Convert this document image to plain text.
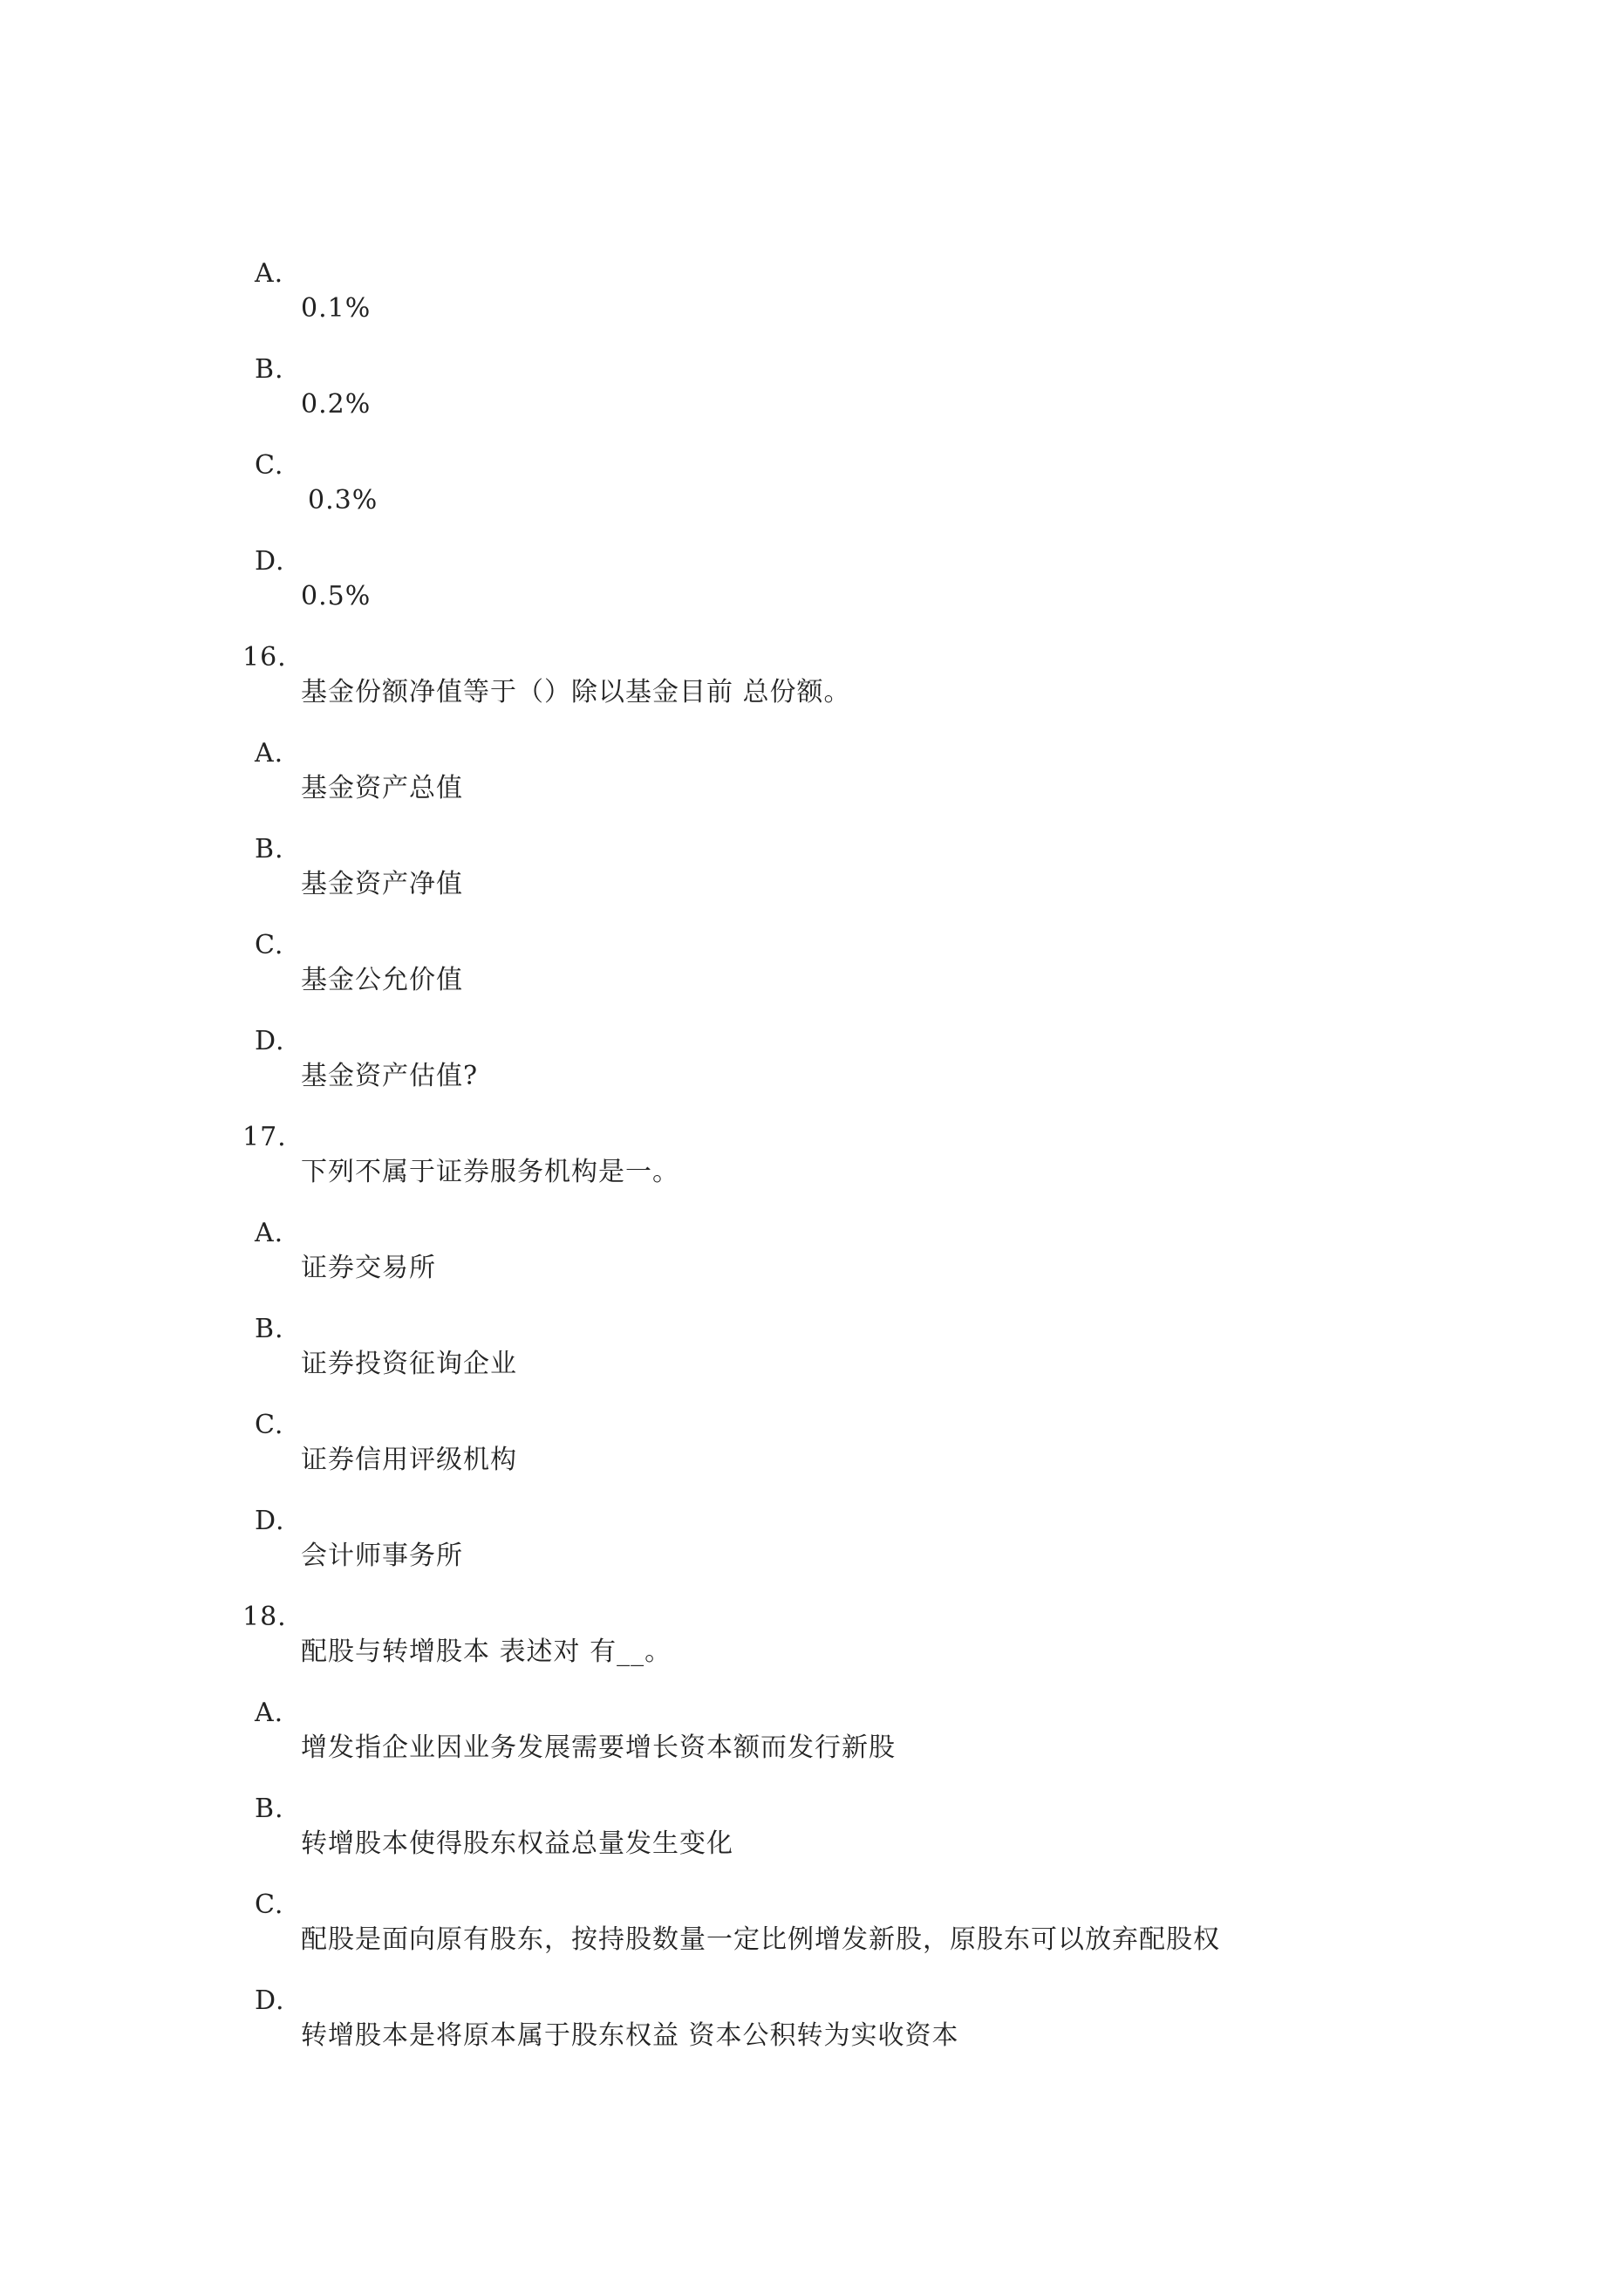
A.

0.1%

B.

0.2%

C.

0.3%

D.

0.5%

16.

基金份额净值等于（）除以基金目前 总份额。

A.

基金资产总值

B.

基金资产净值

C.

基金公允价值

D.

基金资产估值?

17.

下列不属于证券服务机构是一。

A.

证券交易所

B.

证券投资征询企业

C.

证券信用评级机构

D.

会计师事务所

18.

配股与转增股本 表述对 有__。

A.

增发指企业因业务发展需要增长资本额而发行新股

B.

转增股本使得股东权益总量发生变化

C.

配股是面向原有股东，按持股数量一定比例增发新股，原股东可以放弃配股权

D.

转增股本是将原本属于股东权益 资本公积转为实收资本
